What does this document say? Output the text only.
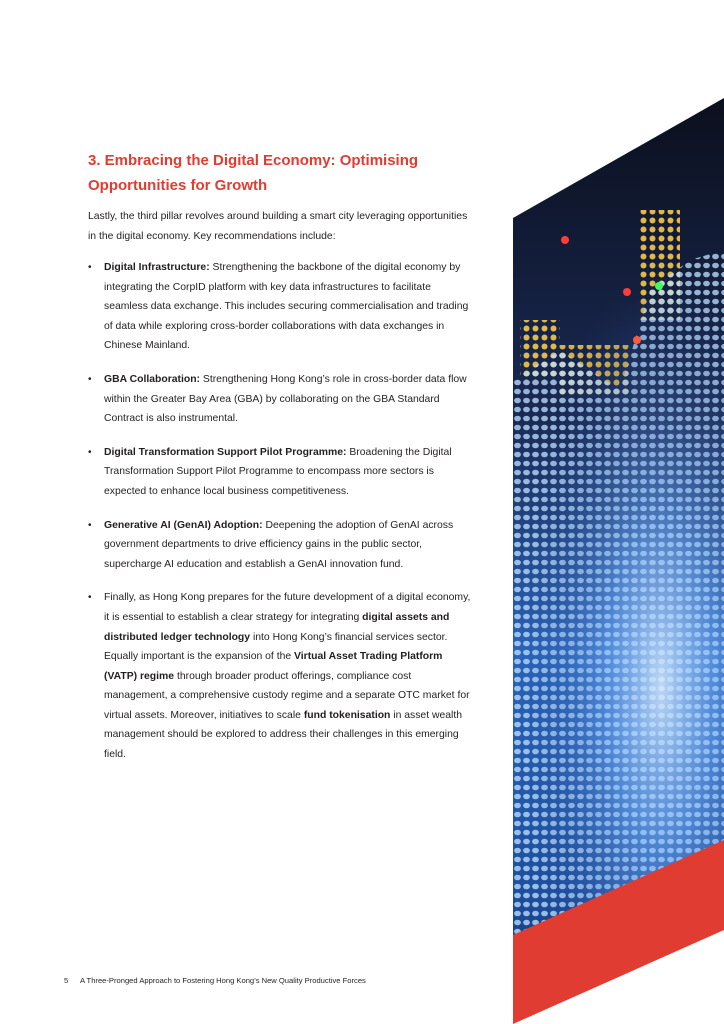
3. Embracing the Digital Economy: Optimising Opportunities for Growth

Lastly, the third pillar revolves around building a smart city leveraging opportunities in the digital economy. Key recommendations include:

• Digital Infrastructure: Strengthening the backbone of the digital economy by integrating the CorpID platform with key data infrastructures to facilitate seamless data exchange. This includes securing commercialisation and trading of data while exploring cross-border collaborations with data exchanges in Chinese Mainland.
• GBA Collaboration: Strengthening Hong Kong’s role in cross-border data flow within the Greater Bay Area (GBA) by collaborating on the GBA Standard Contract is also instrumental.
• Digital Transformation Support Pilot Programme: Broadening the Digital Transformation Support Pilot Programme to encompass more sectors is expected to enhance local business competitiveness.
• Generative AI (GenAI) Adoption: Deepening the adoption of GenAI across government departments to drive efficiency gains in the public sector, supercharge AI education and establish a GenAI innovation fund.
• Finally, as Hong Kong prepares for the future development of a digital economy, it is essential to establish a clear strategy for integrating digital assets and distributed ledger technology into Hong Kong’s financial services sector. Equally important is the expansion of the Virtual Asset Trading Platform (VATP) regime through broader product offerings, compliance cost management, a comprehensive custody regime and a separate OTC market for virtual assets. Moreover, initiatives to scale fund tokenisation in asset wealth management should be explored to address their challenges in this emerging field.
5 A Three-Pronged Approach to Fostering Hong Kong’s New Quality Productive Forces
